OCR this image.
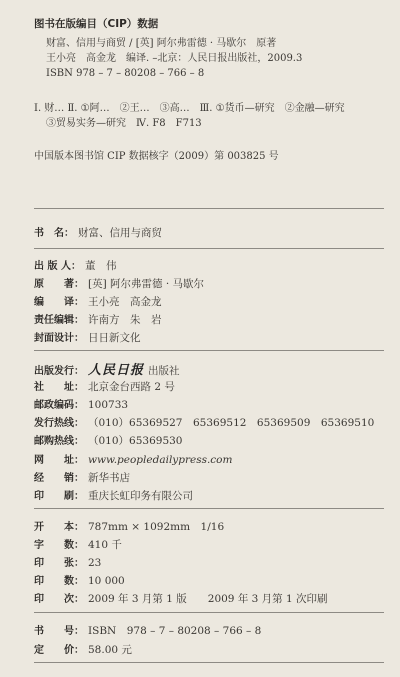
图书在版编目（CIP）数据
财富、信用与商贸 / [英] 阿尔弗雷德 · 马歇尔　原著
王小亮　高金龙　编译. –北京：人民日报出版社，2009.3
ISBN 978 – 7 – 80208 – 766 – 8
Ⅰ. 财… Ⅱ. ①阿…　②王…　③高…　Ⅲ. ①货币—研究　②金融—研究
③贸易实务—研究　Ⅳ. F8　F713
中国版本图书馆 CIP 数据核字（2009）第 003825 号
书　名： 财富、信用与商贸
出 版 人： 董　伟
原　　著： [英] 阿尔弗雷德 · 马歇尔
编　　译： 王小亮　高金龙
责任编辑： 许南方　朱　岩
封面设计： 日日新文化
出版发行： 人民日报 出版社
社　　址： 北京金台西路 2 号
邮政编码： 100733
发行热线： （010）65369527　65369512　65369509　65369510
邮购热线： （010）65369530
网　　址： www.peopledailypress.com
经　　销： 新华书店
印　　刷： 重庆长虹印务有限公司
开　　本： 787mm × 1092mm　1/16
字　　数： 410 千
印　　张： 23
印　　数： 10 000
印　　次： 2009 年 3 月第 1 版　　2009 年 3 月第 1 次印刷
书　　号： ISBN　978 – 7 – 80208 – 766 – 8
定　　价： 58.00 元
